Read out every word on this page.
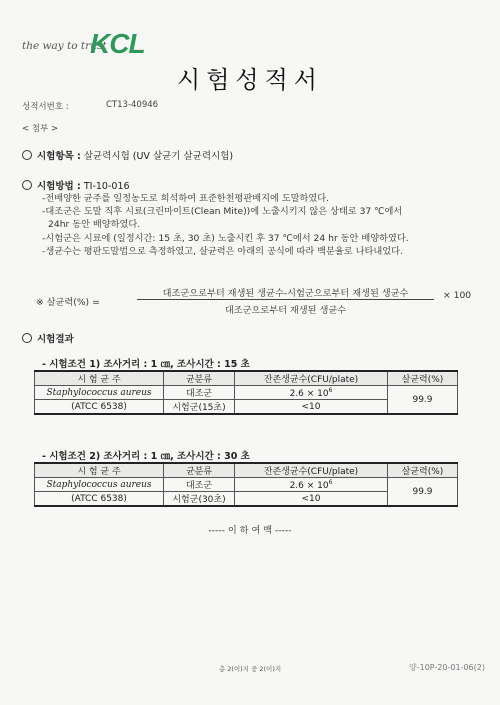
the way to trust
KCL
시험성적서
성적서번호 :	CT13-40946
< 첨부 >
시험항목 : 살균력시험 (UV 살균기 살균력시험)
시험방법 : TI-10-016
-전배양한 균주를 일정농도로 희석하여 표준한천평판배지에 도말하였다.
-대조군은 도말 직후 시료(크린마이트(Clean Mite))에 노출시키지 않은 상태로 37 ℃에서
24hr 동안 배양하였다.
-시험군은 시료에 (일정시간: 15 초, 30 초) 노출시킨 후 37 ℃에서 24 hr 동안 배양하였다.
-생균수는 평판도말법으로 측정하였고, 살균력은 아래의 공식에 따라 백분율로 나타내었다.
※ 살균력(%) =
대조군으로부터 재생된 생균수-시험군으로부터 재생된 생균수
대조군으로부터 재생된 생균수
× 100
시험결과
- 시험조건 1) 조사거리 : 1 ㎝, 조사시간 : 15 초
시 험 균 주	균분류	잔존생균수(CFU/plate)	살균력(%)
Staphylococcus aureus	대조군	$2.6 \times 10^6$	99.9
(ATCC 6538)	시험군(15초)	<10	

- 시험조건 2) 조사거리 : 1 ㎝, 조사시간 : 30 초
시 험 균 주	균분류	잔존생균수(CFU/plate)	살균력(%)
Staphylococcus aureus	대조군	$2.6 \times 10^6$	99.9
(ATCC 6538)	시험군(30초)	<10	

----- 이 하 여 백 -----
총 2(이)지 중 2(이)지	양-10P-20-01-06(2)
